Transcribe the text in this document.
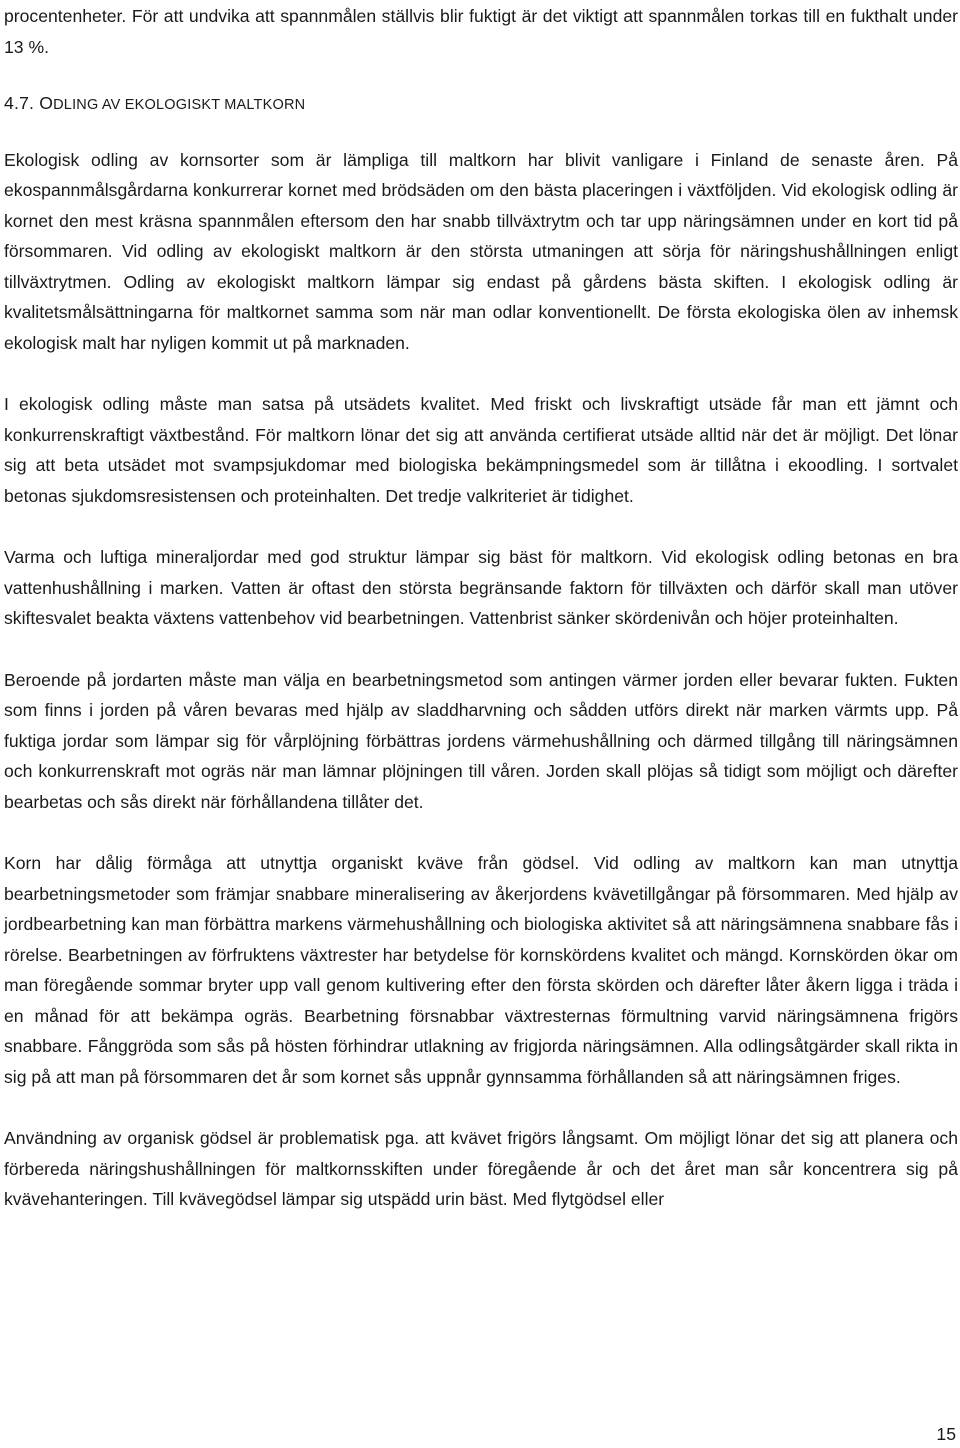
procentenheter. För att undvika att spannmålen ställvis blir fuktigt är det viktigt att spannmålen torkas till en fukthalt under 13 %.

4.7. ODLING AV EKOLOGISKT MALTKORN

Ekologisk odling av kornsorter som är lämpliga till maltkorn har blivit vanligare i Finland de senaste åren. På ekospannmålsgårdarna konkurrerar kornet med brödsäden om den bästa placeringen i växtföljden. Vid ekologisk odling är kornet den mest kräsna spannmålen eftersom den har snabb tillväxtrytm och tar upp näringsämnen under en kort tid på försommaren. Vid odling av ekologiskt maltkorn är den största utmaningen att sörja för näringshushållningen enligt tillväxtrytmen. Odling av ekologiskt maltkorn lämpar sig endast på gårdens bästa skiften. I ekologisk odling är kvalitetsmålsättningarna för maltkornet samma som när man odlar konventionellt. De första ekologiska ölen av inhemsk ekologisk malt har nyligen kommit ut på marknaden.

I ekologisk odling måste man satsa på utsädets kvalitet. Med friskt och livskraftigt utsäde får man ett jämnt och konkurrenskraftigt växtbestånd. För maltkorn lönar det sig att använda certifierat utsäde alltid när det är möjligt. Det lönar sig att beta utsädet mot svampsjukdomar med biologiska bekämpningsmedel som är tillåtna i ekoodling. I sortvalet betonas sjukdomsresistensen och proteinhalten. Det tredje valkriteriet är tidighet.

Varma och luftiga mineraljordar med god struktur lämpar sig bäst för maltkorn. Vid ekologisk odling betonas en bra vattenhushållning i marken. Vatten är oftast den största begränsande faktorn för tillväxten och därför skall man utöver skiftesvalet beakta växtens vattenbehov vid bearbetningen. Vattenbrist sänker skördenivån och höjer proteinhalten.

Beroende på jordarten måste man välja en bearbetningsmetod som antingen värmer jorden eller bevarar fukten. Fukten som finns i jorden på våren bevaras med hjälp av sladdharvning och sådden utförs direkt när marken värmts upp. På fuktiga jordar som lämpar sig för vårplöjning förbättras jordens värmehushållning och därmed tillgång till näringsämnen och konkurrenskraft mot ogräs när man lämnar plöjningen till våren. Jorden skall plöjas så tidigt som möjligt och därefter bearbetas och sås direkt när förhållandena tillåter det.

Korn har dålig förmåga att utnyttja organiskt kväve från gödsel. Vid odling av maltkorn kan man utnyttja bearbetningsmetoder som främjar snabbare mineralisering av åkerjordens kvävetillgångar på försommaren. Med hjälp av jordbearbetning kan man förbättra markens värmehushållning och biologiska aktivitet så att näringsämnena snabbare fås i rörelse. Bearbetningen av förfruktens växtrester har betydelse för kornskördens kvalitet och mängd. Kornskörden ökar om man föregående sommar bryter upp vall genom kultivering efter den första skörden och därefter låter åkern ligga i träda i en månad för att bekämpa ogräs. Bearbetning försnabbar växtresternas förmultning varvid näringsämnena frigörs snabbare. Fånggröda som sås på hösten förhindrar utlakning av frigjorda näringsämnen. Alla odlingsåtgärder skall rikta in sig på att man på försommaren det år som kornet sås uppnår gynnsamma förhållanden så att näringsämnen friges.

Användning av organisk gödsel är problematisk pga. att kvävet frigörs långsamt. Om möjligt lönar det sig att planera och förbereda näringshushållningen för maltkornsskiften under föregående år och det året man sår koncentrera sig på kvävehanteringen. Till kvävegödsel lämpar sig utspädd urin bäst. Med flytgödsel eller

15
